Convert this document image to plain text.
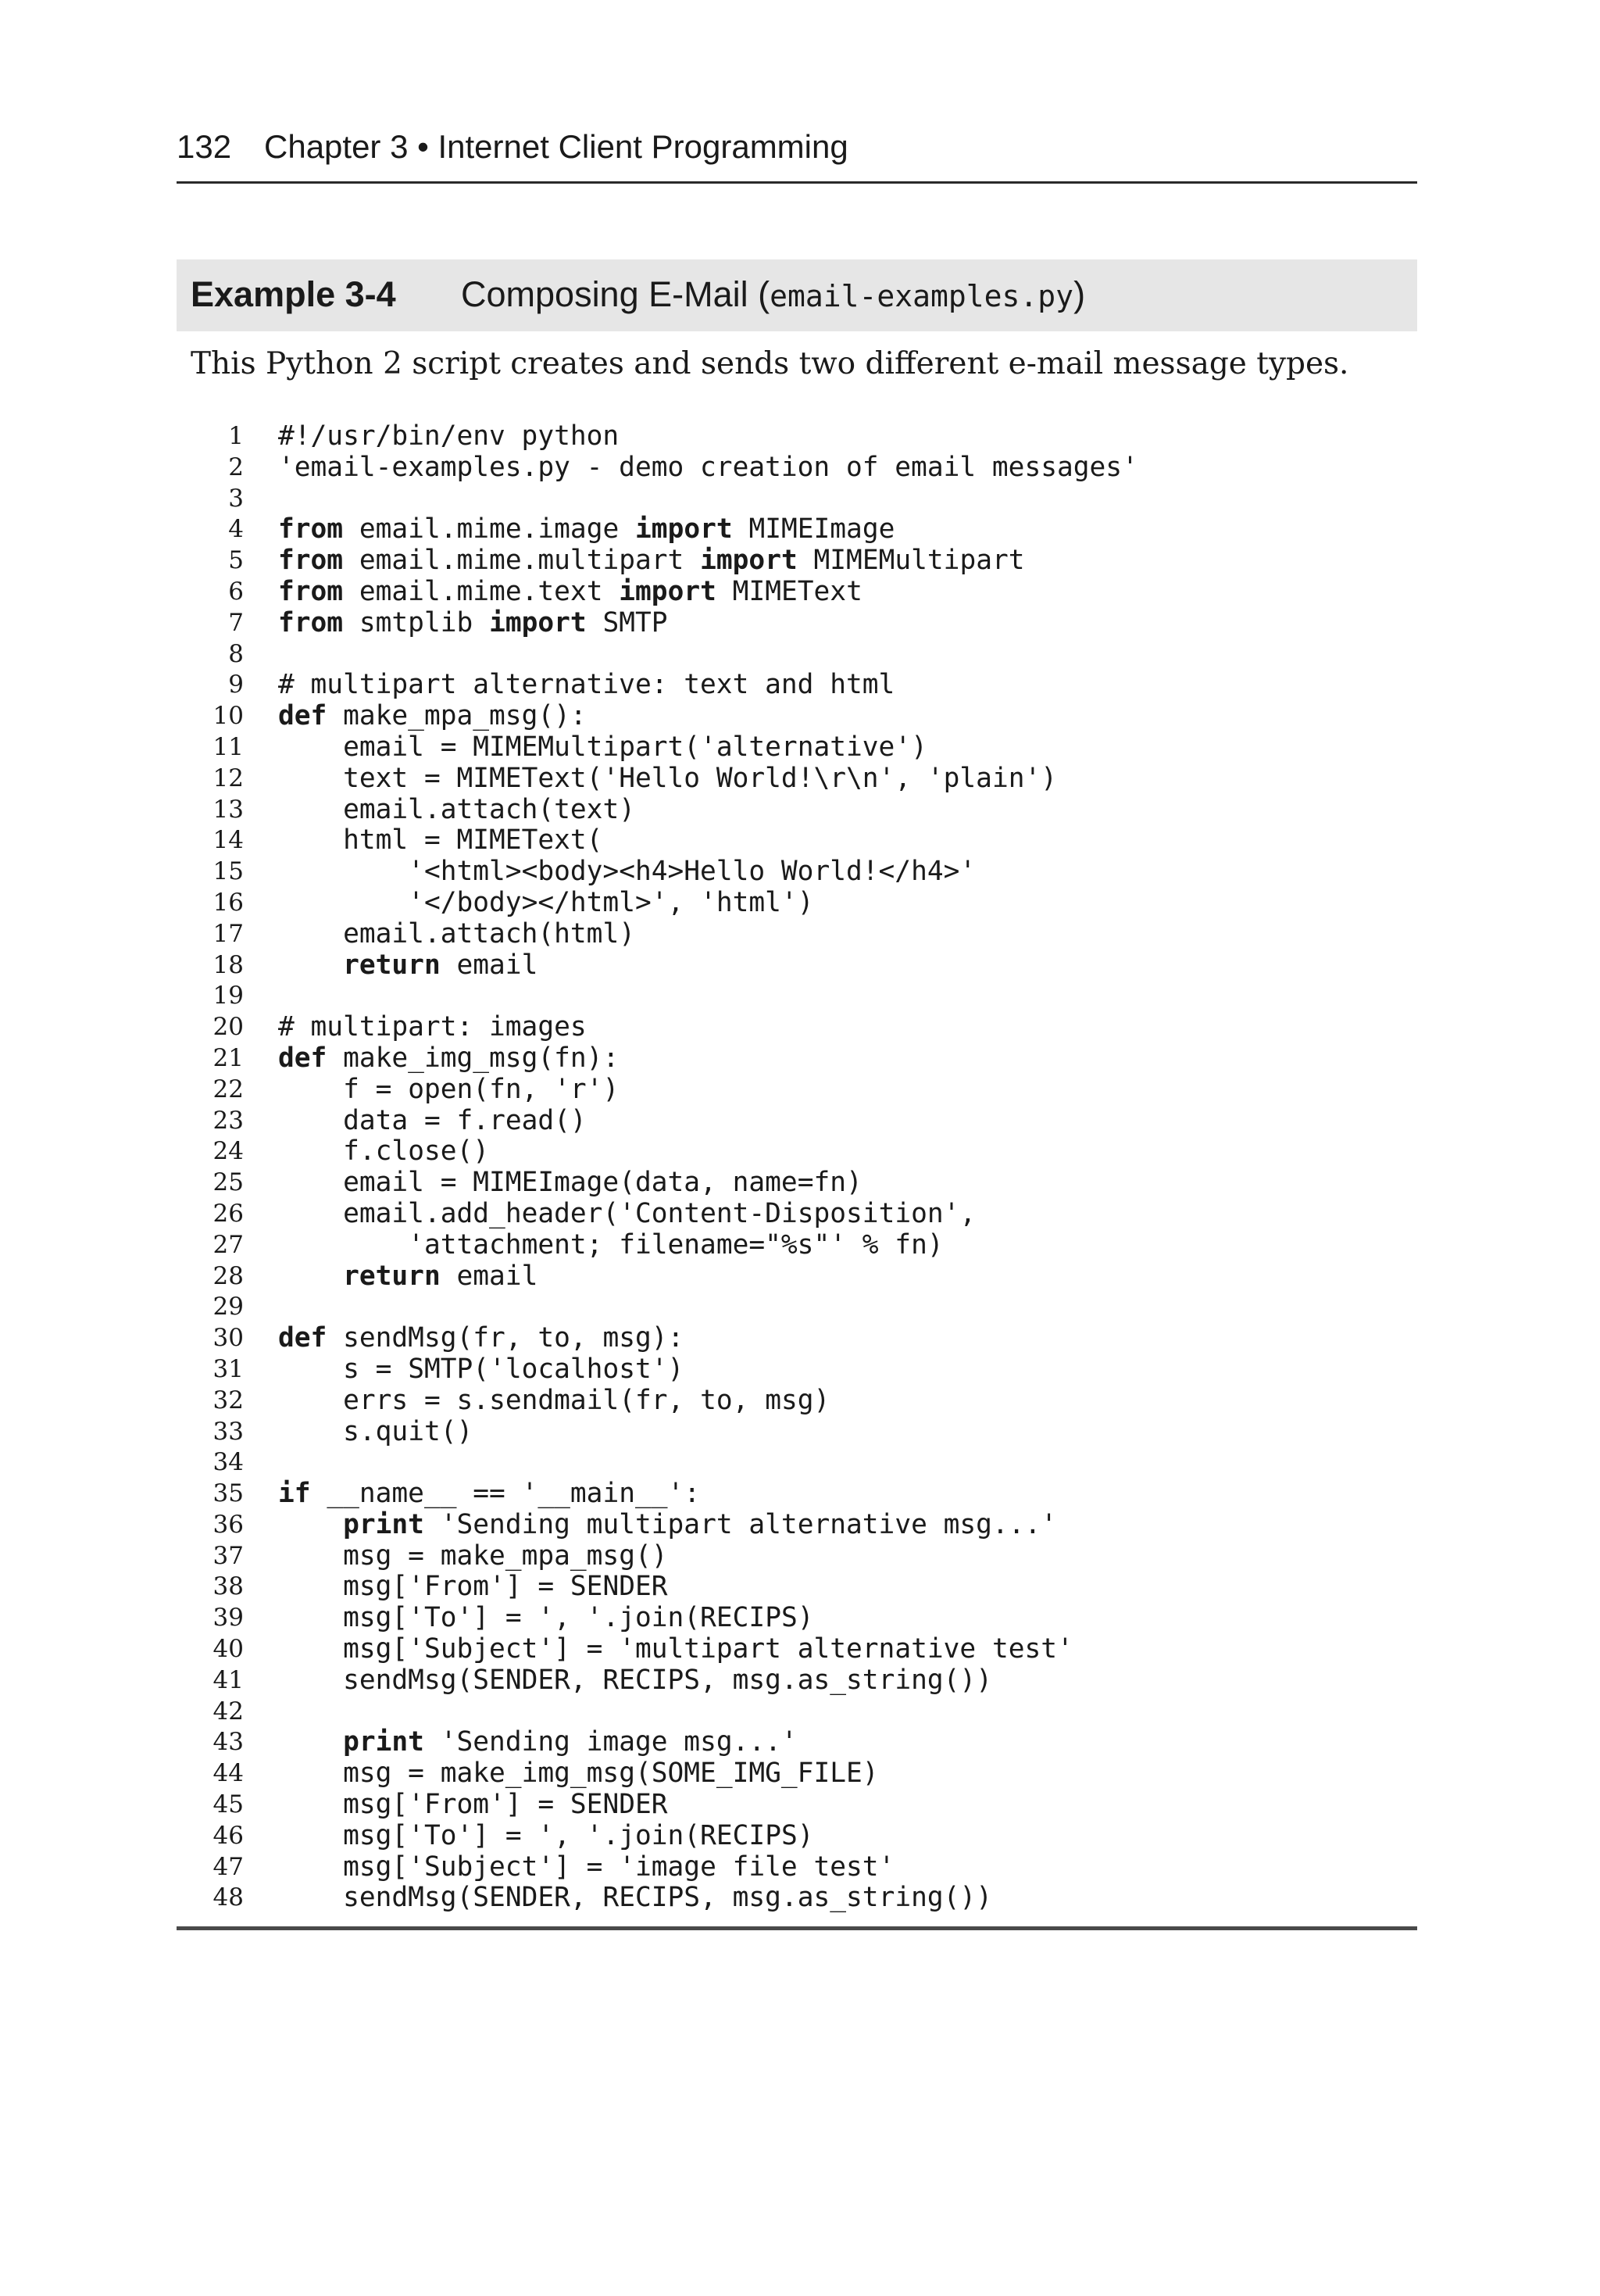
132 Chapter 3 • Internet Client Programming
Example 3-4 Composing E-Mail (email-examples.py)
This Python 2 script creates and sends two different e-mail message types.
1 #!/usr/bin/env python
2 'email-examples.py - demo creation of email messages'
3
4 from email.mime.image import MIMEImage
5 from email.mime.multipart import MIMEMultipart
6 from email.mime.text import MIMEText
7 from smtplib import SMTP
8
9 # multipart alternative: text and html
10 def make_mpa_msg():
11	email = MIMEMultipart('alternative')
12	text = MIMEText('Hello World!\r\n', 'plain')
13	email.attach(text)
14	html = MIMEText(
15	'<html><body><h4>Hello World!</h4>'
16	'</body></html>', 'html')
17	email.attach(html)
18	return email
19
20 # multipart: images
21 def make_img_msg(fn):
22	f = open(fn, 'r')
23	data = f.read()
24	f.close()
25	email = MIMEImage(data, name=fn)
26	email.add_header('Content-Disposition',
27	'attachment; filename="%s"' % fn)
28	return email
29
30 def sendMsg(fr, to, msg):
31	s = SMTP('localhost')
32	errs = s.sendmail(fr, to, msg)
33	s.quit()
34
35 if __name__ == '__main__':
36	print 'Sending multipart alternative msg...'
37	msg = make_mpa_msg()
38	msg['From'] = SENDER
39	msg['To'] = ', '.join(RECIPS)
40	msg['Subject'] = 'multipart alternative test'
41	sendMsg(SENDER, RECIPS, msg.as_string())
42
43	print 'Sending image msg...'
44	msg = make_img_msg(SOME_IMG_FILE)
45	msg['From'] = SENDER
46	msg['To'] = ', '.join(RECIPS)
47	msg['Subject'] = 'image file test'
48	sendMsg(SENDER, RECIPS, msg.as_string())
